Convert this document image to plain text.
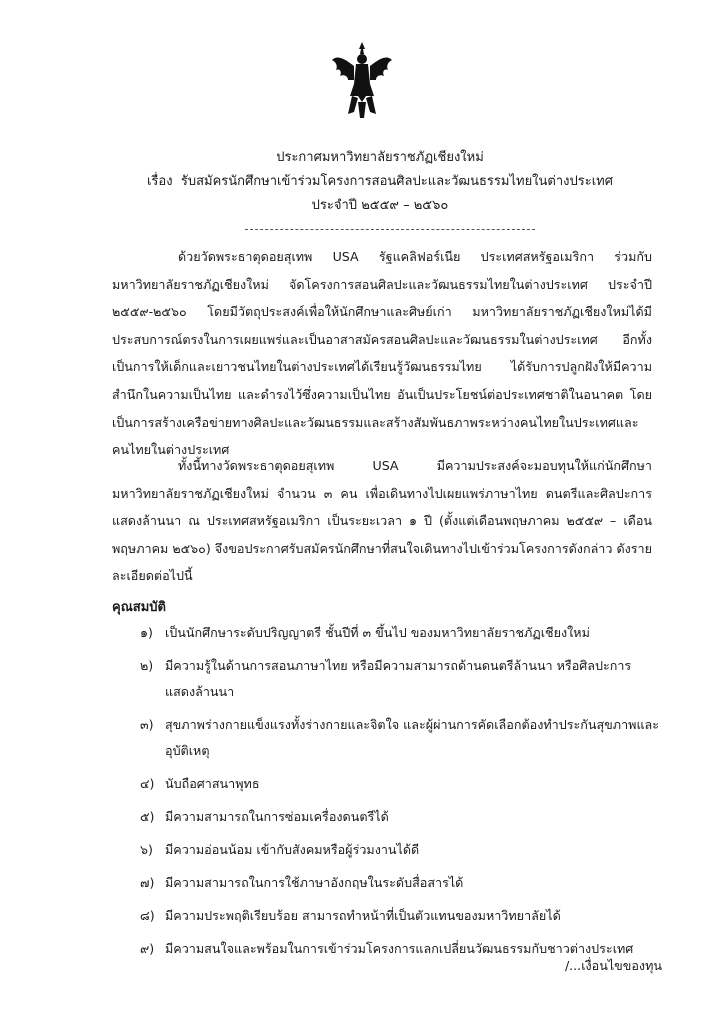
ประกาศมหาวิทยาลัยราชภัฏเชียงใหม่
เรื่อง รับสมัครนักศึกษาเข้าร่วมโครงการสอนศิลปะและวัฒนธรรมไทยในต่างประเทศ
ประจำปี ๒๕๕๙ – ๒๕๖๐

ด้วยวัดพระธาตุดอยสุเทพ USA รัฐแคลิฟอร์เนีย ประเทศสหรัฐอเมริกา ร่วมกับมหาวิทยาลัยราชภัฏเชียงใหม่ จัดโครงการสอนศิลปะและวัฒนธรรมไทยในต่างประเทศ ประจำปี ๒๕๕๙-๒๕๖๐ โดยมีวัตถุประสงค์เพื่อให้นักศึกษาและศิษย์เก่า มหาวิทยาลัยราชภัฏเชียงใหม่ได้มีประสบการณ์ตรงในการเผยแพร่และเป็นอาสาสมัครสอนศิลปะและวัฒนธรรมในต่างประเทศ อีกทั้งเป็นการให้เด็กและเยาวชนไทยในต่างประเทศได้เรียนรู้วัฒนธรรมไทย ได้รับการปลูกฝังให้มีความสำนึกในความเป็นไทย และดำรงไว้ซึ่งความเป็นไทย อันเป็นประโยชน์ต่อประเทศชาติในอนาคต โดยเป็นการสร้างเครือข่ายทางศิลปะและวัฒนธรรมและสร้างสัมพันธภาพระหว่างคนไทยในประเทศและคนไทยในต่างประเทศ

ทั้งนี้ทางวัดพระธาตุดอยสุเทพ USA มีความประสงค์จะมอบทุนให้แก่นักศึกษามหาวิทยาลัยราชภัฏเชียงใหม่ จำนวน ๓ คน เพื่อเดินทางไปเผยแพร่ภาษาไทย ดนตรีและศิลปะการแสดงล้านนา ณ ประเทศสหรัฐอเมริกา เป็นระยะเวลา ๑ ปี (ตั้งแต่เดือนพฤษภาคม ๒๕๕๙ – เดือนพฤษภาคม ๒๕๖๐) จึงขอประกาศรับสมัครนักศึกษาที่สนใจเดินทางไปเข้าร่วมโครงการดังกล่าว ดังรายละเอียดต่อไปนี้

คุณสมบัติ
๑) เป็นนักศึกษาระดับปริญญาตรี ชั้นปีที่ ๓ ขึ้นไป ของมหาวิทยาลัยราชภัฏเชียงใหม่
๒) มีความรู้ในด้านการสอนภาษาไทย หรือมีความสามารถด้านดนตรีล้านนา หรือศิลปะการแสดงล้านนา
๓) สุขภาพร่างกายแข็งแรงทั้งร่างกายและจิตใจ และผู้ผ่านการคัดเลือกต้องทำประกันสุขภาพและอุบัติเหตุ
๔) นับถือศาสนาพุทธ
๕) มีความสามารถในการซ่อมเครื่องดนตรีได้
๖) มีความอ่อนน้อม เข้ากับสังคมหรือผู้ร่วมงานได้ดี
๗) มีความสามารถในการใช้ภาษาอังกฤษในระดับสื่อสารได้
๘) มีความประพฤติเรียบร้อย สามารถทำหน้าที่เป็นตัวแทนของมหาวิทยาลัยได้
๙) มีความสนใจและพร้อมในการเข้าร่วมโครงการแลกเปลี่ยนวัฒนธรรมกับชาวต่างประเทศ
/...เงื่อนไขของทุน
